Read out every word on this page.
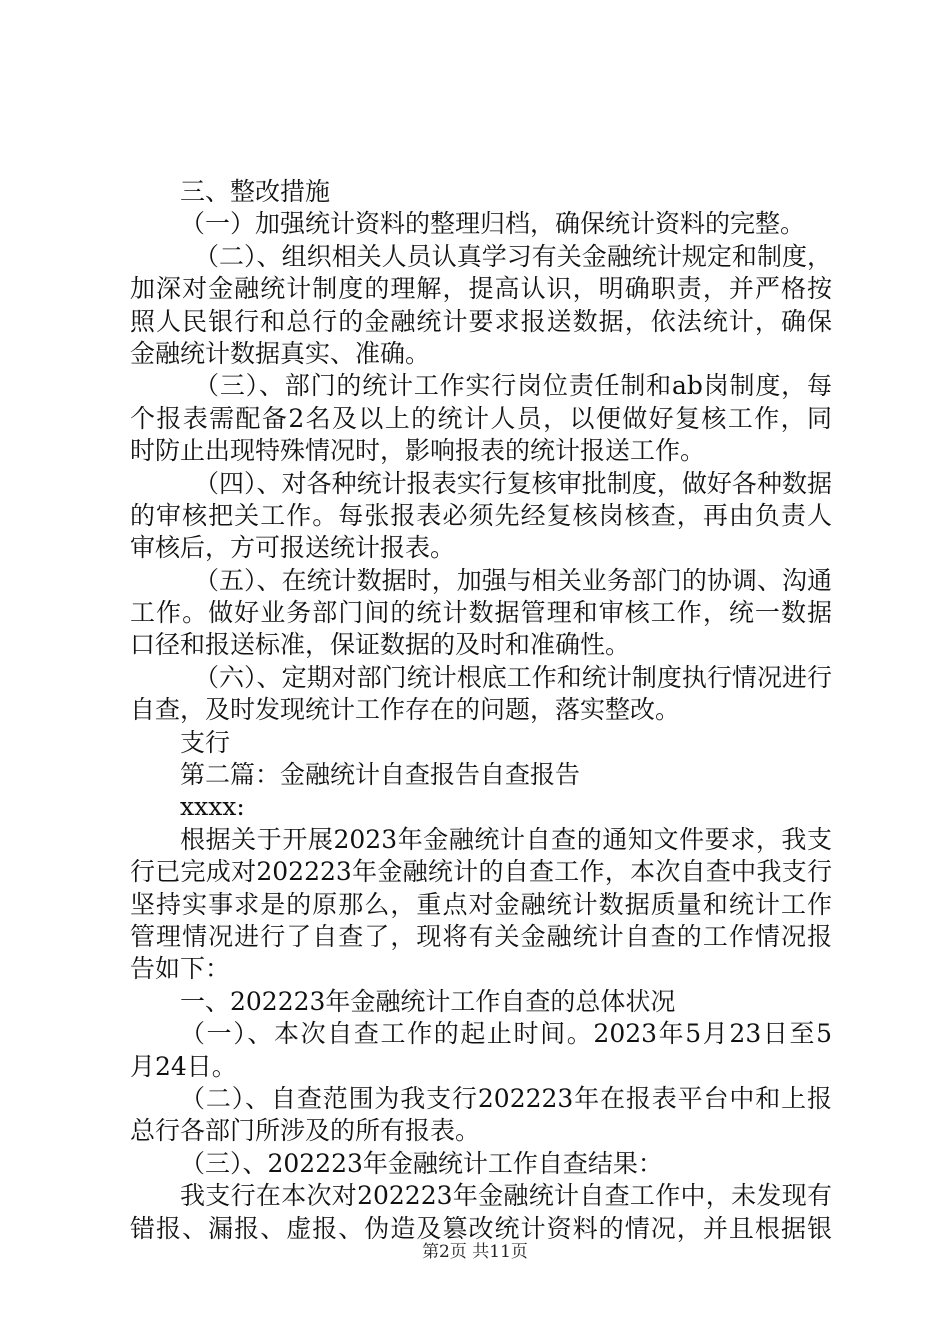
三、整改措施
（一）加强统计资料的整理归档，确保统计资料的完整。
（二）、组织相关人员认真学习有关金融统计规定和制度，
加深对金融统计制度的理解，提高认识，明确职责，并严格按
照人民银行和总行的金融统计要求报送数据，依法统计，确保
金融统计数据真实、准确。
（三）、部门的统计工作实行岗位责任制和ab岗制度，每
个报表需配备2名及以上的统计人员，以便做好复核工作，同
时防止出现特殊情况时，影响报表的统计报送工作。
（四）、对各种统计报表实行复核审批制度，做好各种数据
的审核把关工作。每张报表必须先经复核岗核查，再由负责人
审核后，方可报送统计报表。
（五）、在统计数据时，加强与相关业务部门的协调、沟通
工作。做好业务部门间的统计数据管理和审核工作，统一数据
口径和报送标准，保证数据的及时和准确性。
（六）、定期对部门统计根底工作和统计制度执行情况进行
自查，及时发现统计工作存在的问题，落实整改。
支行
第二篇：金融统计自查报告自查报告
xxxx:
根据关于开展2023年金融统计自查的通知文件要求，我支
行已完成对202223年金融统计的自查工作，本次自查中我支行
坚持实事求是的原那么，重点对金融统计数据质量和统计工作
管理情况进行了自查了，现将有关金融统计自查的工作情况报
告如下：
一、202223年金融统计工作自查的总体状况
（一）、本次自查工作的起止时间。2023年5月23日至5
月24日。
（二）、自查范围为我支行202223年在报表平台中和上报
总行各部门所涉及的所有报表。
（三）、202223年金融统计工作自查结果：
我支行在本次对202223年金融统计自查工作中，未发现有
错报、漏报、虚报、伪造及篡改统计资料的情况，并且根据银
第2页 共11页
